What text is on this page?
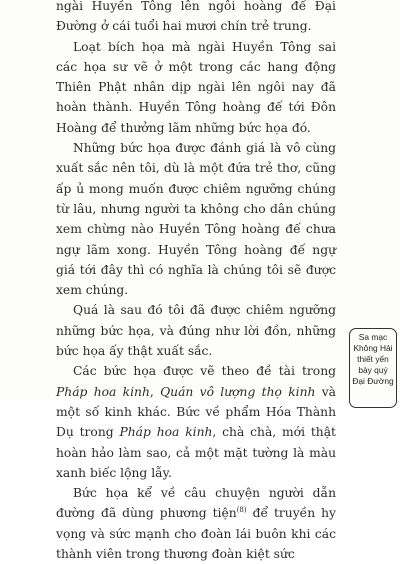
ngài Huyền Tông lên ngôi hoàng đế Đại Đường ở cái tuổi hai mươi chín trẻ trung.

Loạt bích họa mà ngài Huyền Tông sai các họa sư vẽ ở một trong các hang động Thiên Phật nhân dịp ngài lên ngôi nay đã hoàn thành. Huyền Tông hoàng đế tới Đôn Hoàng để thưởng lãm những bức họa đó.

Những bức họa được đánh giá là vô cùng xuất sắc nên tôi, dù là một đứa trẻ thơ, cũng ấp ủ mong muốn được chiêm ngưỡng chúng từ lâu, nhưng người ta không cho dân chúng xem chừng nào Huyền Tông hoàng đế chưa ngự lãm xong. Huyền Tông hoàng đế ngự giá tới đây thì có nghĩa là chúng tôi sẽ được xem chúng.

Quá là sau đó tôi đã được chiêm ngưỡng những bức họa, và đúng như lời đồn, những bức họa ấy thật xuất sắc.

Các bức họa được vẽ theo đề tài trong Pháp hoa kinh, Quán vô lượng thọ kinh và một số kinh khác. Bức về phẩm Hóa Thành Dụ trong Pháp hoa kinh, chà chà, mới thật hoàn hảo làm sao, cả một mặt tường là màu xanh biếc lộng lẫy.

Bức họa kể về câu chuyện người dẫn đường đã dùng phương tiện$^{(8)}$ để truyền hy vọng và sức mạnh cho đoàn lái buôn khi các thành viên trong thương đoàn kiệt sức

Sa mạc
Không Hải
thiết yến
bày quý
Đại Đường
